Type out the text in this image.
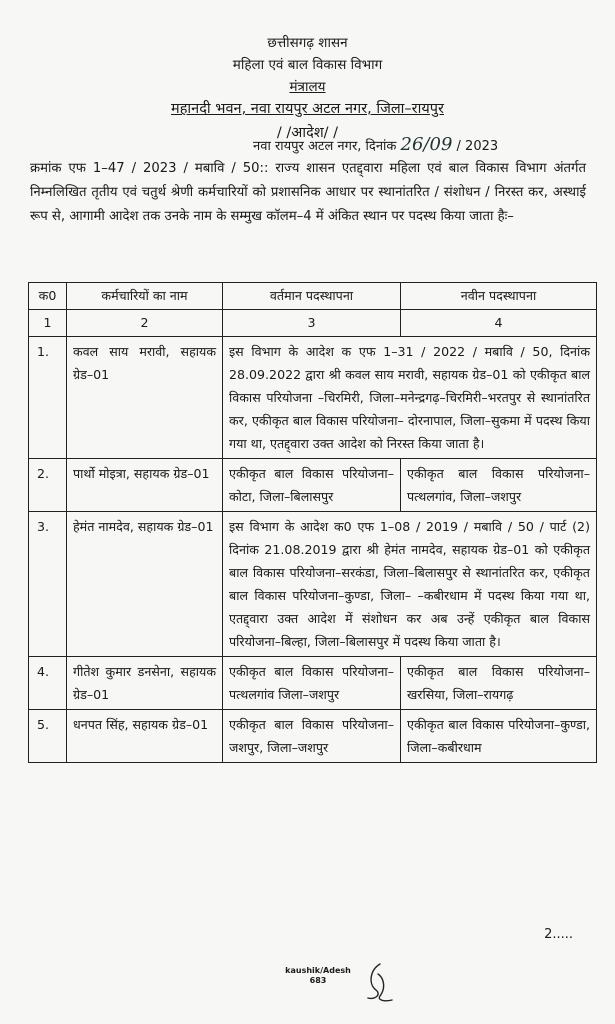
छत्तीसगढ़ शासन
महिला एवं बाल विकास विभाग
मंत्रालय
महानदी भवन, नवा रायपुर अटल नगर, जिला–रायपुर
/ /आदेश/ /
नवा रायपुर अटल नगर, दिनांक 26/09 / 2023
क्रमांक एफ 1–47 / 2023 / मबावि / 50:: राज्य शासन एतद्द्वारा महिला एवं बाल विकास विभाग अंतर्गत निम्नलिखित तृतीय एवं चतुर्थ श्रेणी कर्मचारियों को प्रशासनिक आधार पर स्थानांतरित / संशोधन / निरस्त कर, अस्थाई रूप से, आगामी आदेश तक उनके नाम के सम्मुख कॉलम–4 में अंकित स्थान पर पदस्थ किया जाता हैः–
क0	कर्मचारियों का नाम	वर्तमान पदस्थापना	नवीन पदस्थापना
1	2	3	4
1.	कवल साय मरावी, सहायक ग्रेड–01	इस विभाग के आदेश क एफ 1–31 / 2022 / मबावि / 50, दिनांक 28.09.2022 द्वारा श्री कवल साय मरावी, सहायक ग्रेड–01 को एकीकृत बाल विकास परियोजना –चिरमिरी, जिला–मनेन्द्रगढ़–चिरमिरी–भरतपुर से स्थानांतरित कर, एकीकृत बाल विकास परियोजना– दोरनापाल, जिला–सुकमा में पदस्थ किया गया था, एतद्द्वारा उक्त आदेश को निरस्त किया जाता है।	
2.	पार्थो मोइत्रा, सहायक ग्रेड–01	एकीकृत बाल विकास परियोजना–कोटा, जिला–बिलासपुर	एकीकृत बाल विकास परियोजना–पत्थलगांव, जिला–जशपुर
3.	हेमंत नामदेव, सहायक ग्रेड–01	इस विभाग के आदेश क0 एफ 1–08 / 2019 / मबावि / 50 / पार्ट (2) दिनांक 21.08.2019 द्वारा श्री हेमंत नामदेव, सहायक ग्रेड–01 को एकीकृत बाल विकास परियोजना–सरकंडा, जिला–बिलासपुर से स्थानांतरित कर, एकीकृत बाल विकास परियोजना–कुण्डा, जिला– –कबीरधाम में पदस्थ किया गया था, एतद्द्वारा उक्त आदेश में संशोधन कर अब उन्हें एकीकृत बाल विकास परियोजना–बिल्हा, जिला–बिलासपुर में पदस्थ किया जाता है।	
4.	गीतेश कुमार डनसेना, सहायक ग्रेड–01	एकीकृत बाल विकास परियोजना–पत्थलगांव जिला–जशपुर	एकीकृत बाल विकास परियोजना–खरसिया, जिला–रायगढ़
5.	धनपत सिंह, सहायक ग्रेड–01	एकीकृत बाल विकास परियोजना–जशपुर, जिला–जशपुर	एकीकृत बाल विकास परियोजना–कुण्डा, जिला–कबीरधाम
2.....
kaushik/Adesh
683
